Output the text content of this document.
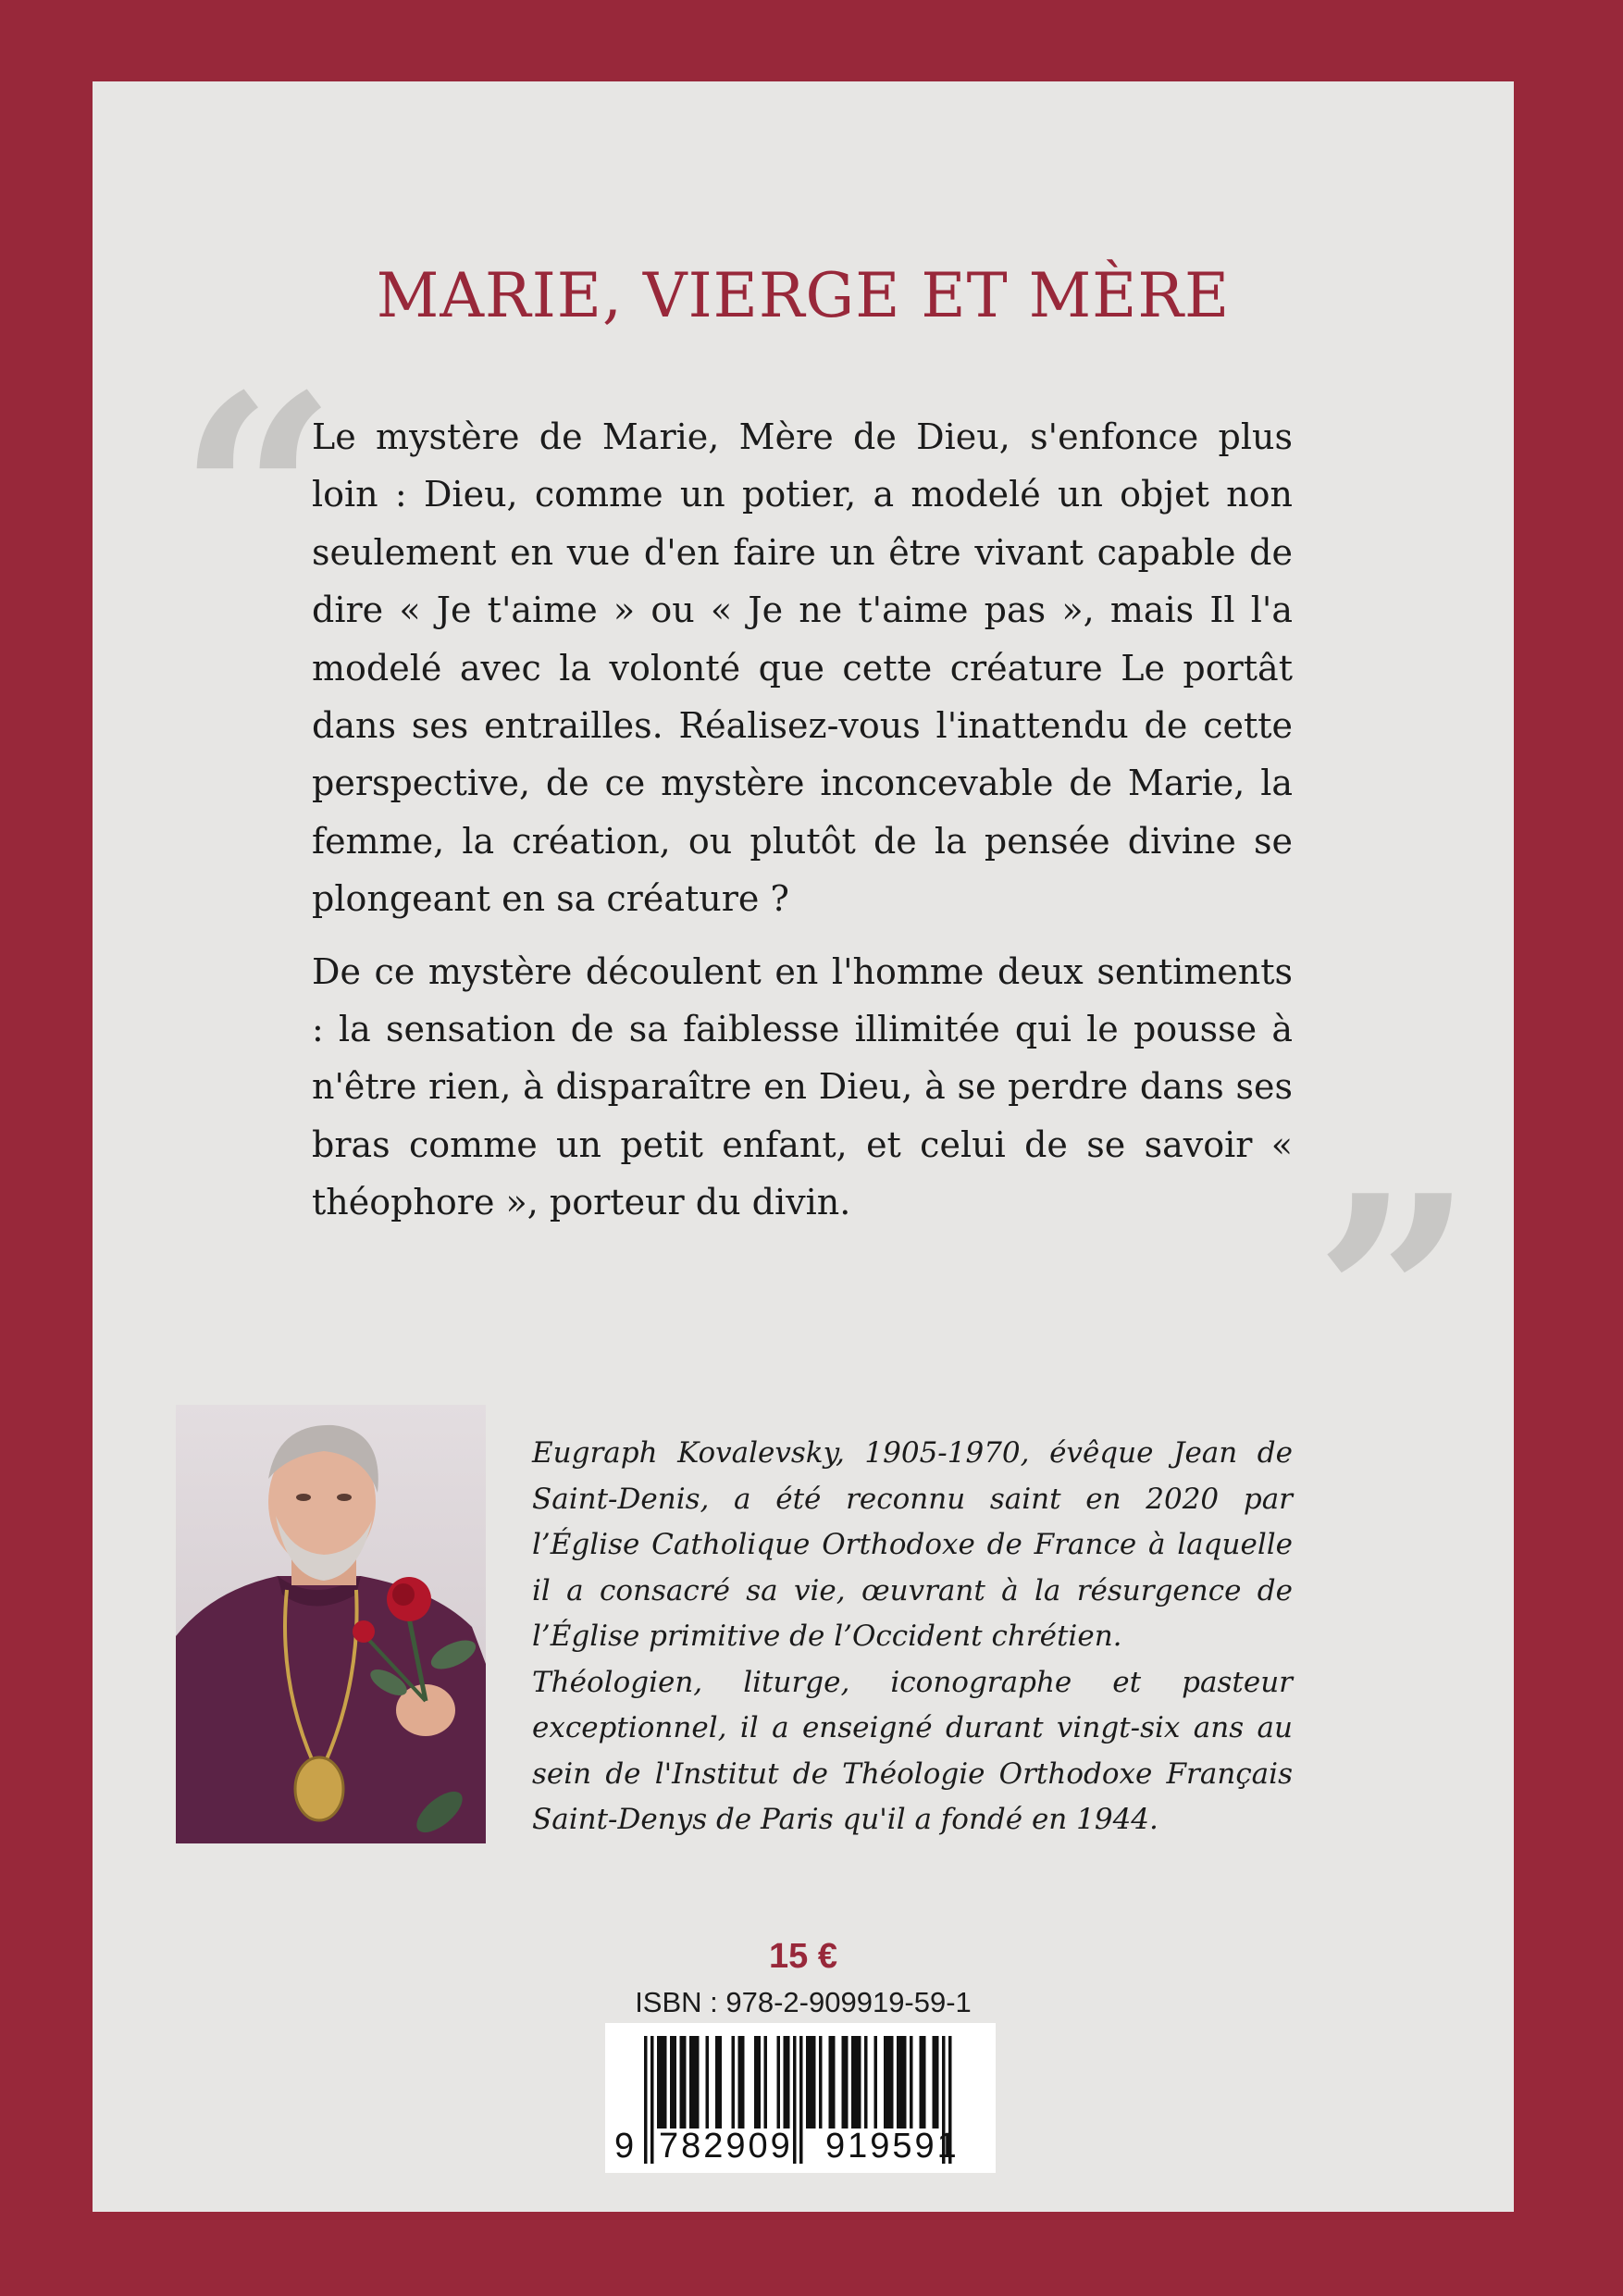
MARIE, VIERGE ET MÈRE
“

Le mystère de Marie, Mère de Dieu, s'enfonce plus loin : Dieu, comme un potier, a modelé un objet non seulement en vue d'en faire un être vivant capable de dire « Je t'aime » ou « Je ne t'aime pas », mais Il l'a modelé avec la volonté que cette créature Le portât dans ses entrailles. Réalisez-vous l'inattendu de cette perspective, de ce mystère inconcevable de Marie, la femme, la création, ou plutôt de la pensée divine se plongeant en sa créature ?

De ce mystère découlent en l'homme deux sentiments : la sensation de sa faiblesse illimitée qui le pousse à n'être rien, à disparaître en Dieu, à se perdre dans ses bras comme un petit enfant, et celui de se savoir « théophore », porteur du divin.	”

Eugraph Kovalevsky, 1905-1970, évêque Jean de Saint-Denis, a été reconnu saint en 2020 par l’Église Catholique Orthodoxe de France à laquelle il a consacré sa vie, œuvrant à la résurgence de l’Église primitive de l’Occident chrétien.

Théologien, liturge, iconographe et pasteur exceptionnel, il a enseigné durant vingt-six ans au sein de l'Institut de Théologie Orthodoxe Français Saint-Denys de Paris qu'il a fondé en 1944.

15 €
ISBN : 978-2-909919-59-1
9 782909 919591
